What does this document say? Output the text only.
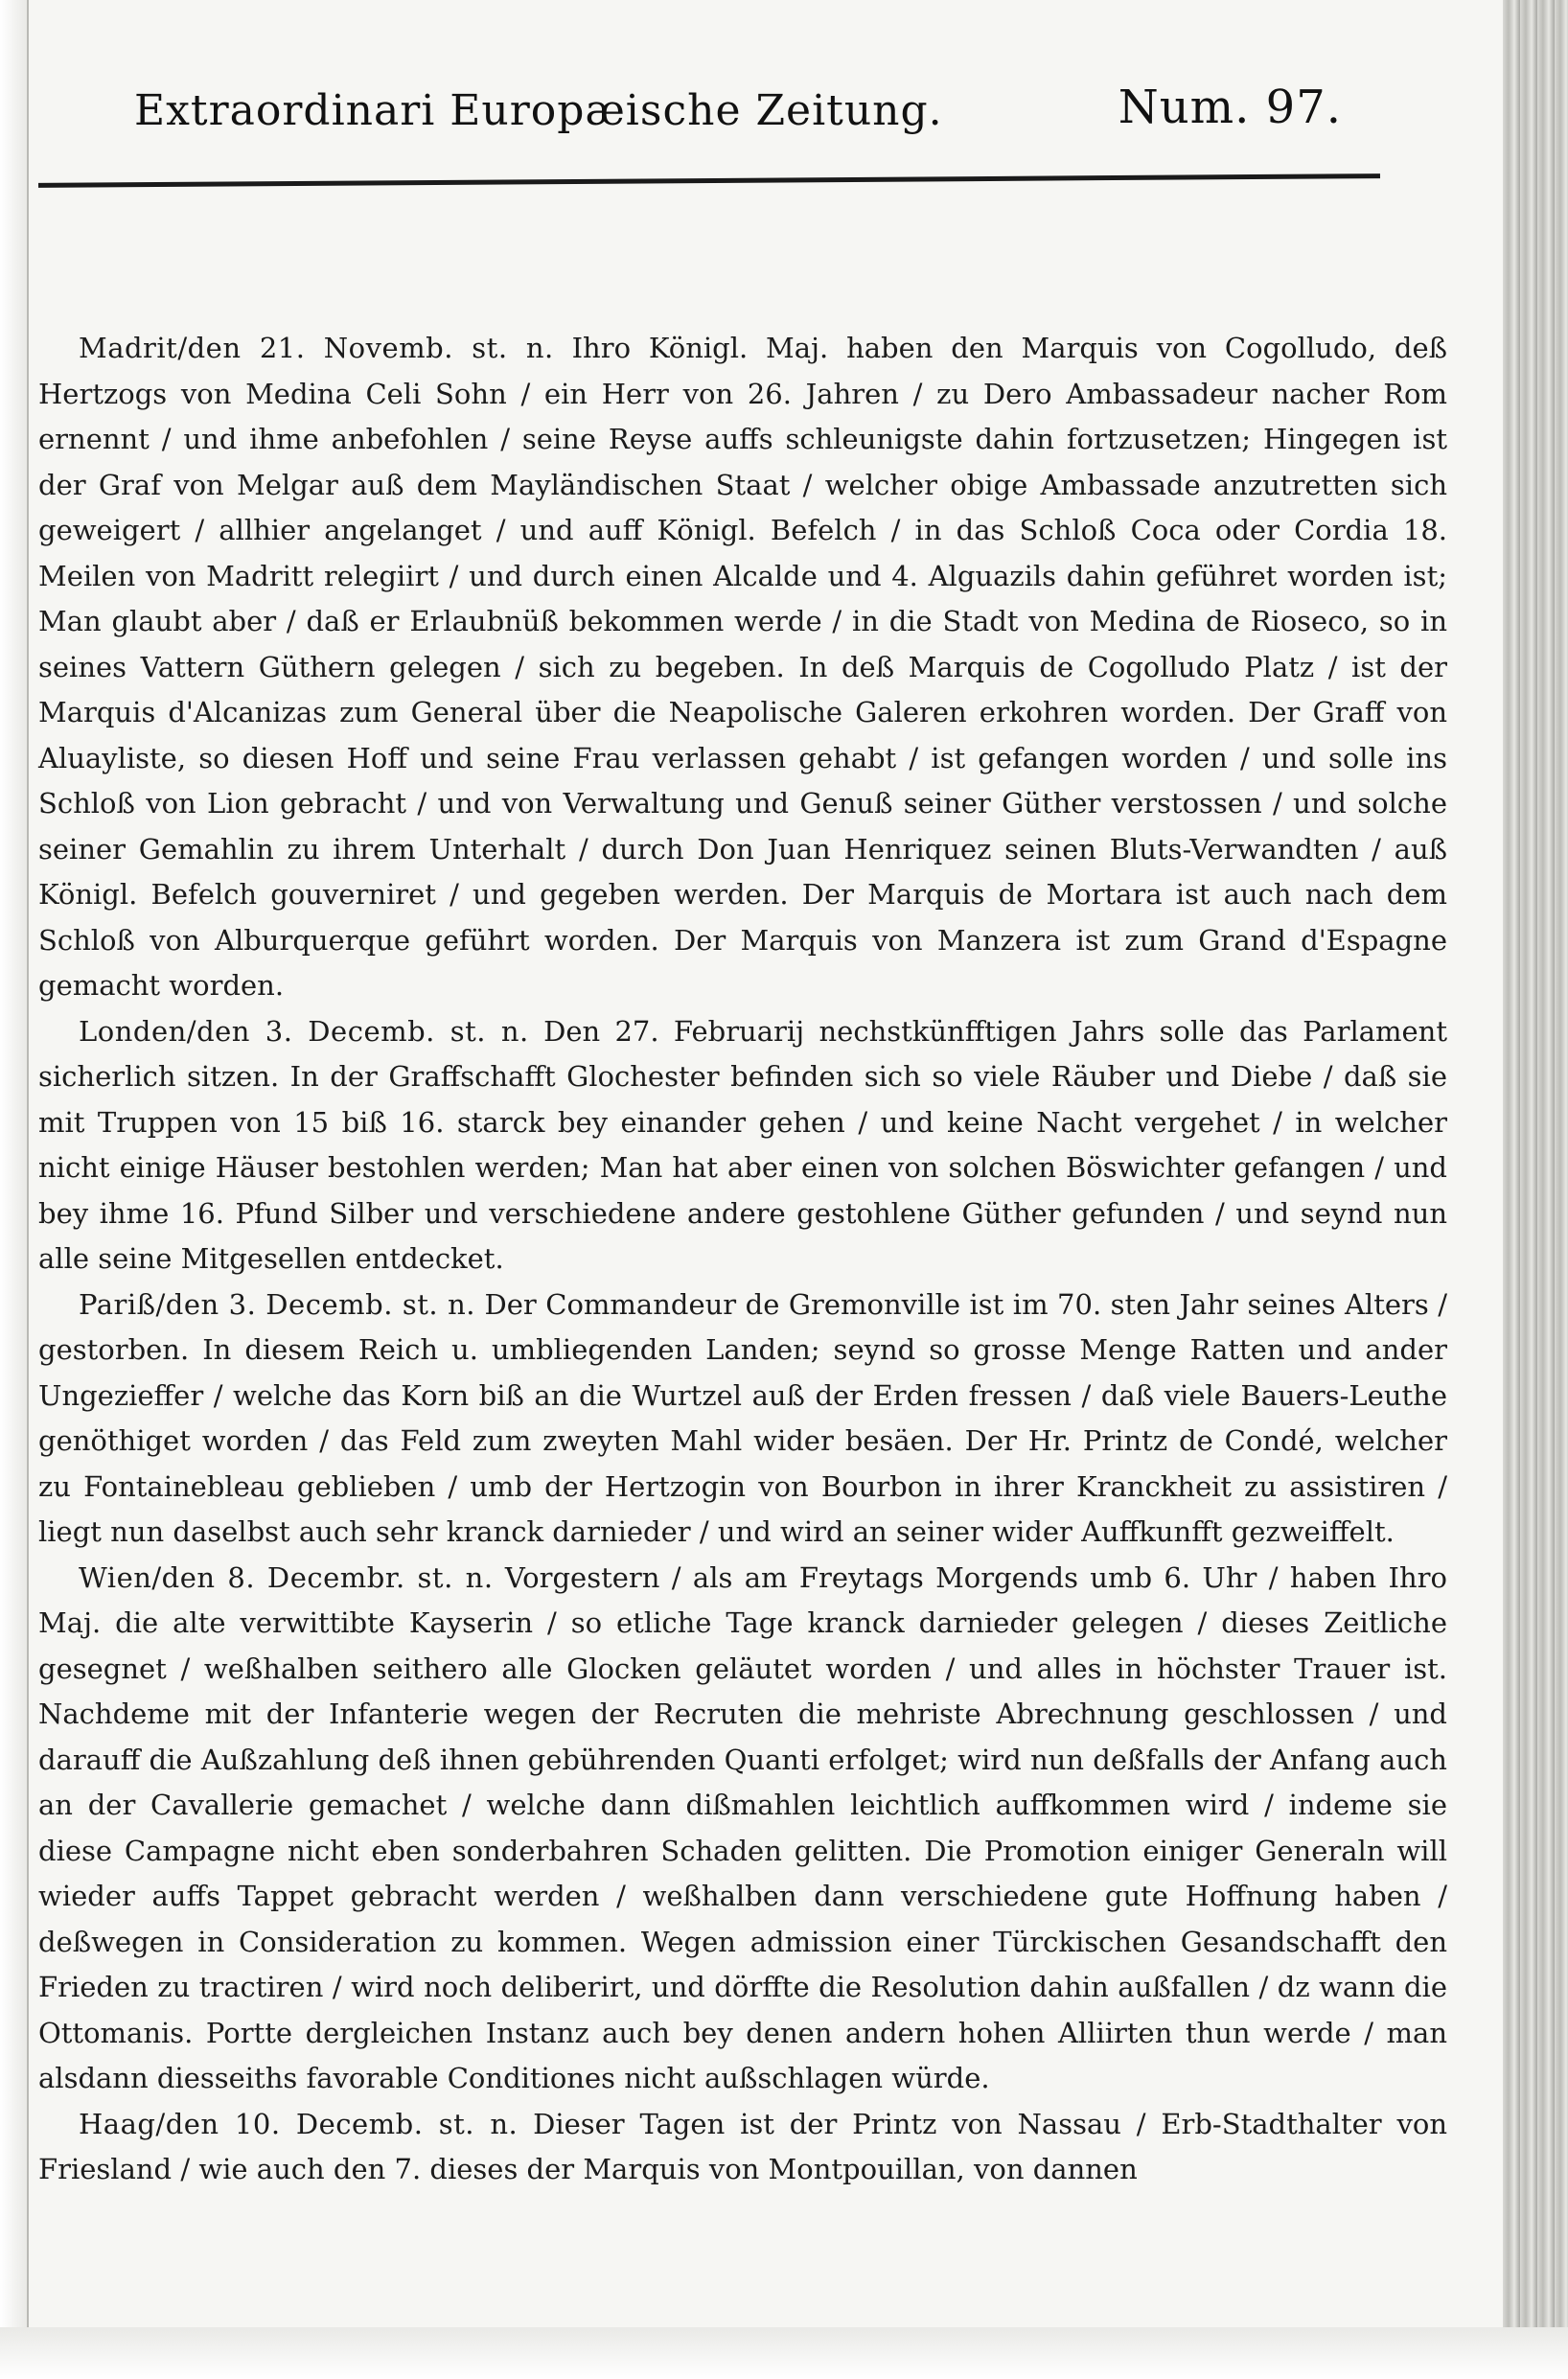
Extraordinari Europæische Zeitung.	Num. 97.

Madrit/den 21. Novemb. st. n. Ihro Königl. Maj. haben den Marquis von Cogolludo, deß Hertzogs von Medina Celi Sohn / ein Herr von 26. Jahren / zu Dero Ambassadeur nacher Rom ernennt / und ihme anbefohlen / seine Reyse auffs schleunigste dahin fortzusetzen; Hingegen ist der Graf von Melgar auß dem Mayländischen Staat / welcher obige Ambassade anzutretten sich geweigert / allhier angelanget / und auff Königl. Befelch / in das Schloß Coca oder Cordia 18. Meilen von Madritt relegiirt / und durch einen Alcalde und 4. Alguazils dahin geführet worden ist; Man glaubt aber / daß er Erlaubnüß bekommen werde / in die Stadt von Medina de Rioseco, so in seines Vattern Güthern gelegen / sich zu begeben. In deß Marquis de Cogolludo Platz / ist der Marquis d'Alcanizas zum General über die Neapolische Galeren erkohren worden. Der Graff von Aluayliste, so diesen Hoff und seine Frau verlassen gehabt / ist gefangen worden / und solle ins Schloß von Lion gebracht / und von Verwaltung und Genuß seiner Güther verstossen / und solche seiner Gemahlin zu ihrem Unterhalt / durch Don Juan Henriquez seinen Bluts-Verwandten / auß Königl. Befelch gouverniret / und gegeben werden. Der Marquis de Mortara ist auch nach dem Schloß von Alburquerque geführt worden. Der Marquis von Manzera ist zum Grand d'Espagne gemacht worden.

Londen/den 3. Decemb. st. n. Den 27. Februarij nechstkünfftigen Jahrs solle das Parlament sicherlich sitzen. In der Graffschafft Glochester befinden sich so viele Räuber und Diebe / daß sie mit Truppen von 15 biß 16. starck bey einander gehen / und keine Nacht vergehet / in welcher nicht einige Häuser bestohlen werden; Man hat aber einen von solchen Böswichter gefangen / und bey ihme 16. Pfund Silber und verschiedene andere gestohlene Güther gefunden / und seynd nun alle seine Mitgesellen entdecket.

Pariß/den 3. Decemb. st. n. Der Commandeur de Gremonville ist im 70. sten Jahr seines Alters / gestorben. In diesem Reich u. umbliegenden Landen; seynd so grosse Menge Ratten und ander Ungezieffer / welche das Korn biß an die Wurtzel auß der Erden fressen / daß viele Bauers-Leuthe genöthiget worden / das Feld zum zweyten Mahl wider besäen. Der Hr. Printz de Condé, welcher zu Fontainebleau geblieben / umb der Hertzogin von Bourbon in ihrer Kranckheit zu assistiren / liegt nun daselbst auch sehr kranck darnieder / und wird an seiner wider Auffkunfft gezweiffelt.

Wien/den 8. Decembr. st. n. Vorgestern / als am Freytags Morgends umb 6. Uhr / haben Ihro Maj. die alte verwittibte Kayserin / so etliche Tage kranck darnieder gelegen / dieses Zeitliche gesegnet / weßhalben seithero alle Glocken geläutet worden / und alles in höchster Trauer ist. Nachdeme mit der Infanterie wegen der Recruten die mehriste Abrechnung geschlossen / und darauff die Außzahlung deß ihnen gebührenden Quanti erfolget; wird nun deßfalls der Anfang auch an der Cavallerie gemachet / welche dann dißmahlen leichtlich auffkommen wird / indeme sie diese Campagne nicht eben sonderbahren Schaden gelitten. Die Promotion einiger Generaln will wieder auffs Tappet gebracht werden / weßhalben dann verschiedene gute Hoffnung haben / deßwegen in Consideration zu kommen. Wegen admission einer Türckischen Gesandschafft den Frieden zu tractiren / wird noch deliberirt, und dörffte die Resolution dahin außfallen / dz wann die Ottomanis. Portte dergleichen Instanz auch bey denen andern hohen Alliirten thun werde / man alsdann diesseiths favorable Conditiones nicht außschlagen würde.

Haag/den 10. Decemb. st. n. Dieser Tagen ist der Printz von Nassau / Erb-Stadthalter von Friesland / wie auch den 7. dieses der Marquis von Montpouillan, von dannen
